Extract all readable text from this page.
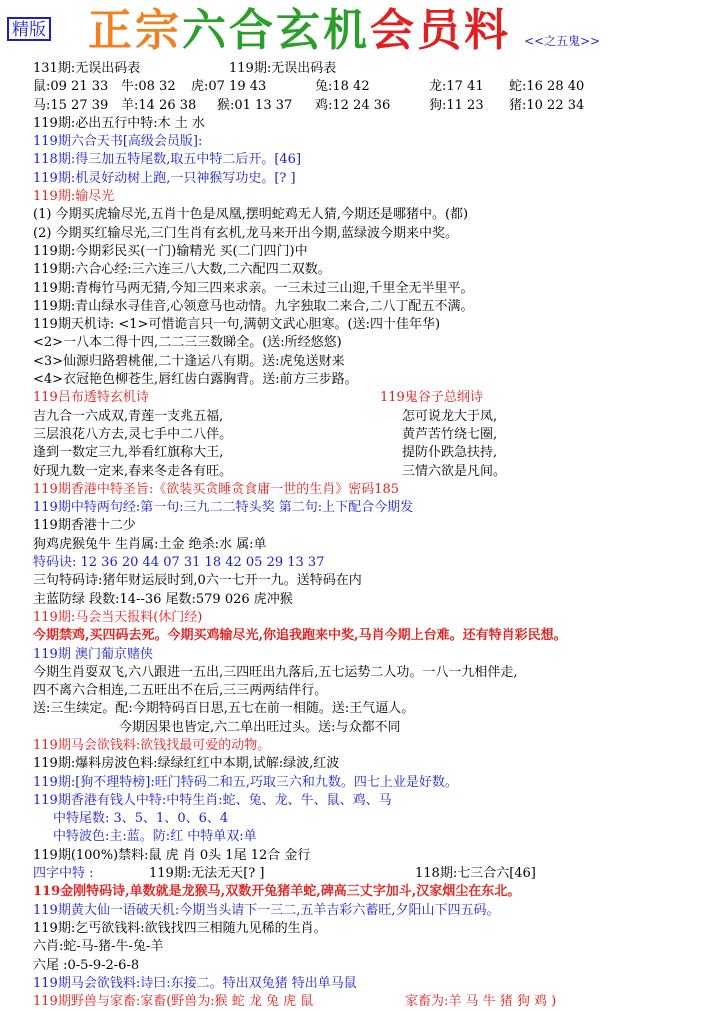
精版 正宗六合玄机会员料 <<之五鬼>>
131期:无误出码表	119期:无误出码表
鼠:09 21 33 牛:08 32 虎:07 19 43	兔:18 42	龙:17 41 蛇:16 28 40
马:15 27 39 羊:14 26 38 猴:01 13 37 鸡:12 24 36	狗:11 23 猪:10 22 34
119期:必出五行中特:木 土 水
119期六合天书[高级会员版]:
118期:得三加五特尾数,取五中特二后开。[46]
119期:机灵好动树上跑,一只神猴写功史。[? ]
119期:输尽光
(1) 今期买虎输尽光,五肖十色是凤凰,摆明蛇鸡无人猜,今期还是哪猪中。(都)
(2) 今期买红输尽光,三门生肖有玄机,龙马来开出今期,蓝绿波今期来中奖。
119期:今期彩民买(一门)输精光 买(二门四门)中
119期:六合心经:三六连三八大数,二六配四二双数。
119期:青梅竹马两无猜,今知三四来求亲。一三未过三山迎,千里全无半里平。
119期:青山绿水寻佳音,心领意马也动情。九字独取二来合,二八丁配五不满。
119期天机诗: <1>可惜诡言只一句,满朝文武心胆寒。(送:四十佳年华)
<2>一八本二得十四,二二三三数睇全。(送:所经悠悠)
<3>仙源归路碧桃催,二十逢运八有期。送:虎兔送财来
<4>衣冠艳色柳苍生,唇红齿白露胸背。送:前方三步路。
119吕布透特玄机诗	119鬼谷子总纲诗
吉九合一六成双,青莲一支兆五福,	怎可说龙大于凤,
三层浪花八方去,灵七手中二八伴。	黄芦苦竹绕七圈,
逢到一数定三九,举看红旗称大王,	提防仆跌急扶持,
好现九数一定来,春来冬走各有旺。	三情六欲是凡间。
119期香港中特圣旨:《欲装买贪睡贪食庸一世的生肖》密码185
119期中特两句经:第一句:三九二二特头奖 第二句:上下配合今期发
119期香港十二少
狗鸡虎猴兔牛 生肖属:土金 绝杀:水 属:单
特码诀: 12 36 20 44 07 31 18 42 05 29 13 37
三句特码诗:猪年财运辰时到,0六一七开一九。送特码在内
主蓝防绿 段数:14--36 尾数:579 026 虎冲猴
119期:马会当天报料(休门经)
今期禁鸡,买四码去死。今期买鸡输尽光,你追我跑来中奖,马肖今期上台难。还有特肖彩民想。
119期 澳门葡京赌侠
今期生肖耍双飞,六八跟进一五出,三四旺出九落后,五七运势二人功。一八一九相伴走,
四不离六合相连,二五旺出不在后,三三两两结伴行。
送:三生续定。配:今期特码百日思,五七在前一相随。送:王气逼人。
今期因果也皆定,六二单出旺过头。送:与众都不同
119期马会欲钱料:欲钱找最可爱的动物。
119期:爆料房波色料:绿绿红红中本期,试解:绿波,红波
119期:[狗不理特榜]:旺门特码二和五,巧取三六和九数。四七上业是好数。
119期香港有钱人中特:中特生肖:蛇、兔、龙、牛、鼠、鸡、马
中特尾数: 3、5、1、0、6、4
中特波色:主:蓝。防:红 中特单双:单
119期(100%)禁料:鼠 虎 肖 0头 1尾 12合 金行
四字中特 :	119期:无法无天[? ]	118期:七三合六[46]
119金刚特码诗,单数就是龙猴马,双数开兔猪羊蛇,碑高三丈字加斗,汉家烟尘在东北。
119期黄大仙一语破天机:今期当头请下一三二,五羊吉彩六蓄旺,夕阳山下四五码。
119期:乞丐欲钱料:欲钱找四三相随九见稀的生肖。
六肖:蛇-马-猪-牛-兔-羊
六尾 :0-5-9-2-6-8
119期马会欲钱料:诗曰:东接二。特出双兔猪 特出单马鼠
119期野兽与家畜:家畜(野兽为:猴 蛇 龙 兔 虎 鼠	家畜为:羊 马 牛 猪 狗 鸡 )
